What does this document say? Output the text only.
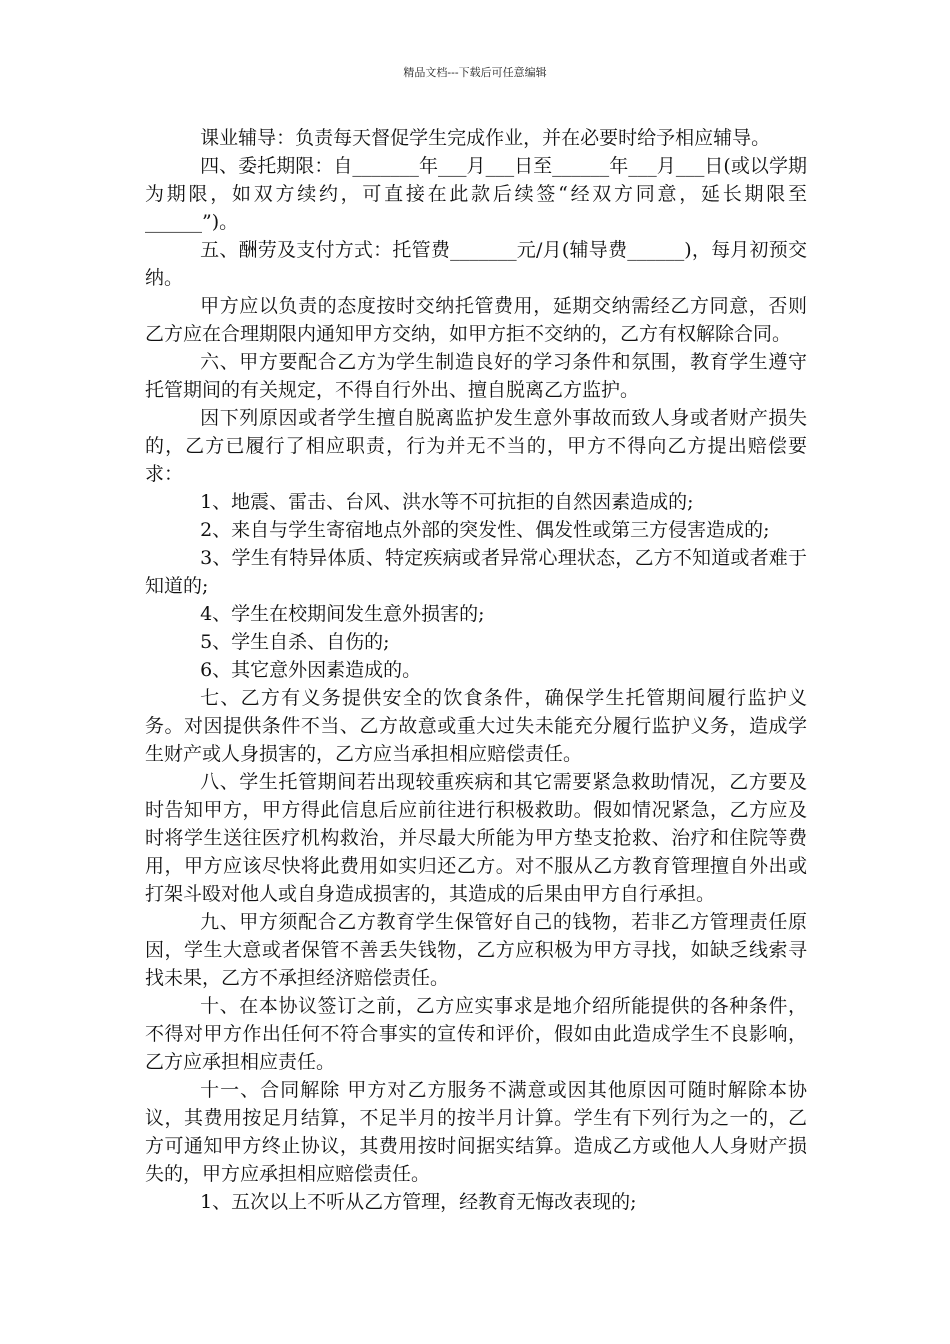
精品文档---下载后可任意编辑

课业辅导：负责每天督促学生完成作业，并在必要时给予相应辅导。

四、委托期限：自_______年___月___日至______年___月___日(或以学期为期限，如双方续约，可直接在此款后续签“经双方同意，延长期限至______”)。

五、酬劳及支付方式：托管费_______元/月(辅导费______)，每月初预交纳。

甲方应以负责的态度按时交纳托管费用，延期交纳需经乙方同意，否则乙方应在合理期限内通知甲方交纳，如甲方拒不交纳的，乙方有权解除合同。

六、甲方要配合乙方为学生制造良好的学习条件和氛围，教育学生遵守托管期间的有关规定，不得自行外出、擅自脱离乙方监护。

因下列原因或者学生擅自脱离监护发生意外事故而致人身或者财产损失的，乙方已履行了相应职责，行为并无不当的，甲方不得向乙方提出赔偿要求：

1、地震、雷击、台风、洪水等不可抗拒的自然因素造成的;

2、来自与学生寄宿地点外部的突发性、偶发性或第三方侵害造成的;

3、学生有特异体质、特定疾病或者异常心理状态，乙方不知道或者难于知道的;

4、学生在校期间发生意外损害的;

5、学生自杀、自伤的;

6、其它意外因素造成的。

七、乙方有义务提供安全的饮食条件，确保学生托管期间履行监护义务。对因提供条件不当、乙方故意或重大过失未能充分履行监护义务，造成学生财产或人身损害的，乙方应当承担相应赔偿责任。

八、学生托管期间若出现较重疾病和其它需要紧急救助情况，乙方要及时告知甲方，甲方得此信息后应前往进行积极救助。假如情况紧急，乙方应及时将学生送往医疗机构救治，并尽最大所能为甲方垫支抢救、治疗和住院等费用，甲方应该尽快将此费用如实归还乙方。对不服从乙方教育管理擅自外出或打架斗殴对他人或自身造成损害的，其造成的后果由甲方自行承担。

九、甲方须配合乙方教育学生保管好自己的钱物，若非乙方管理责任原因，学生大意或者保管不善丢失钱物，乙方应积极为甲方寻找，如缺乏线索寻找未果，乙方不承担经济赔偿责任。

十、在本协议签订之前，乙方应实事求是地介绍所能提供的各种条件，不得对甲方作出任何不符合事实的宣传和评价，假如由此造成学生不良影响，乙方应承担相应责任。

十一、合同解除 甲方对乙方服务不满意或因其他原因可随时解除本协议，其费用按足月结算，不足半月的按半月计算。学生有下列行为之一的，乙方可通知甲方终止协议，其费用按时间据实结算。造成乙方或他人人身财产损失的，甲方应承担相应赔偿责任。

1、五次以上不听从乙方管理，经教育无悔改表现的;
